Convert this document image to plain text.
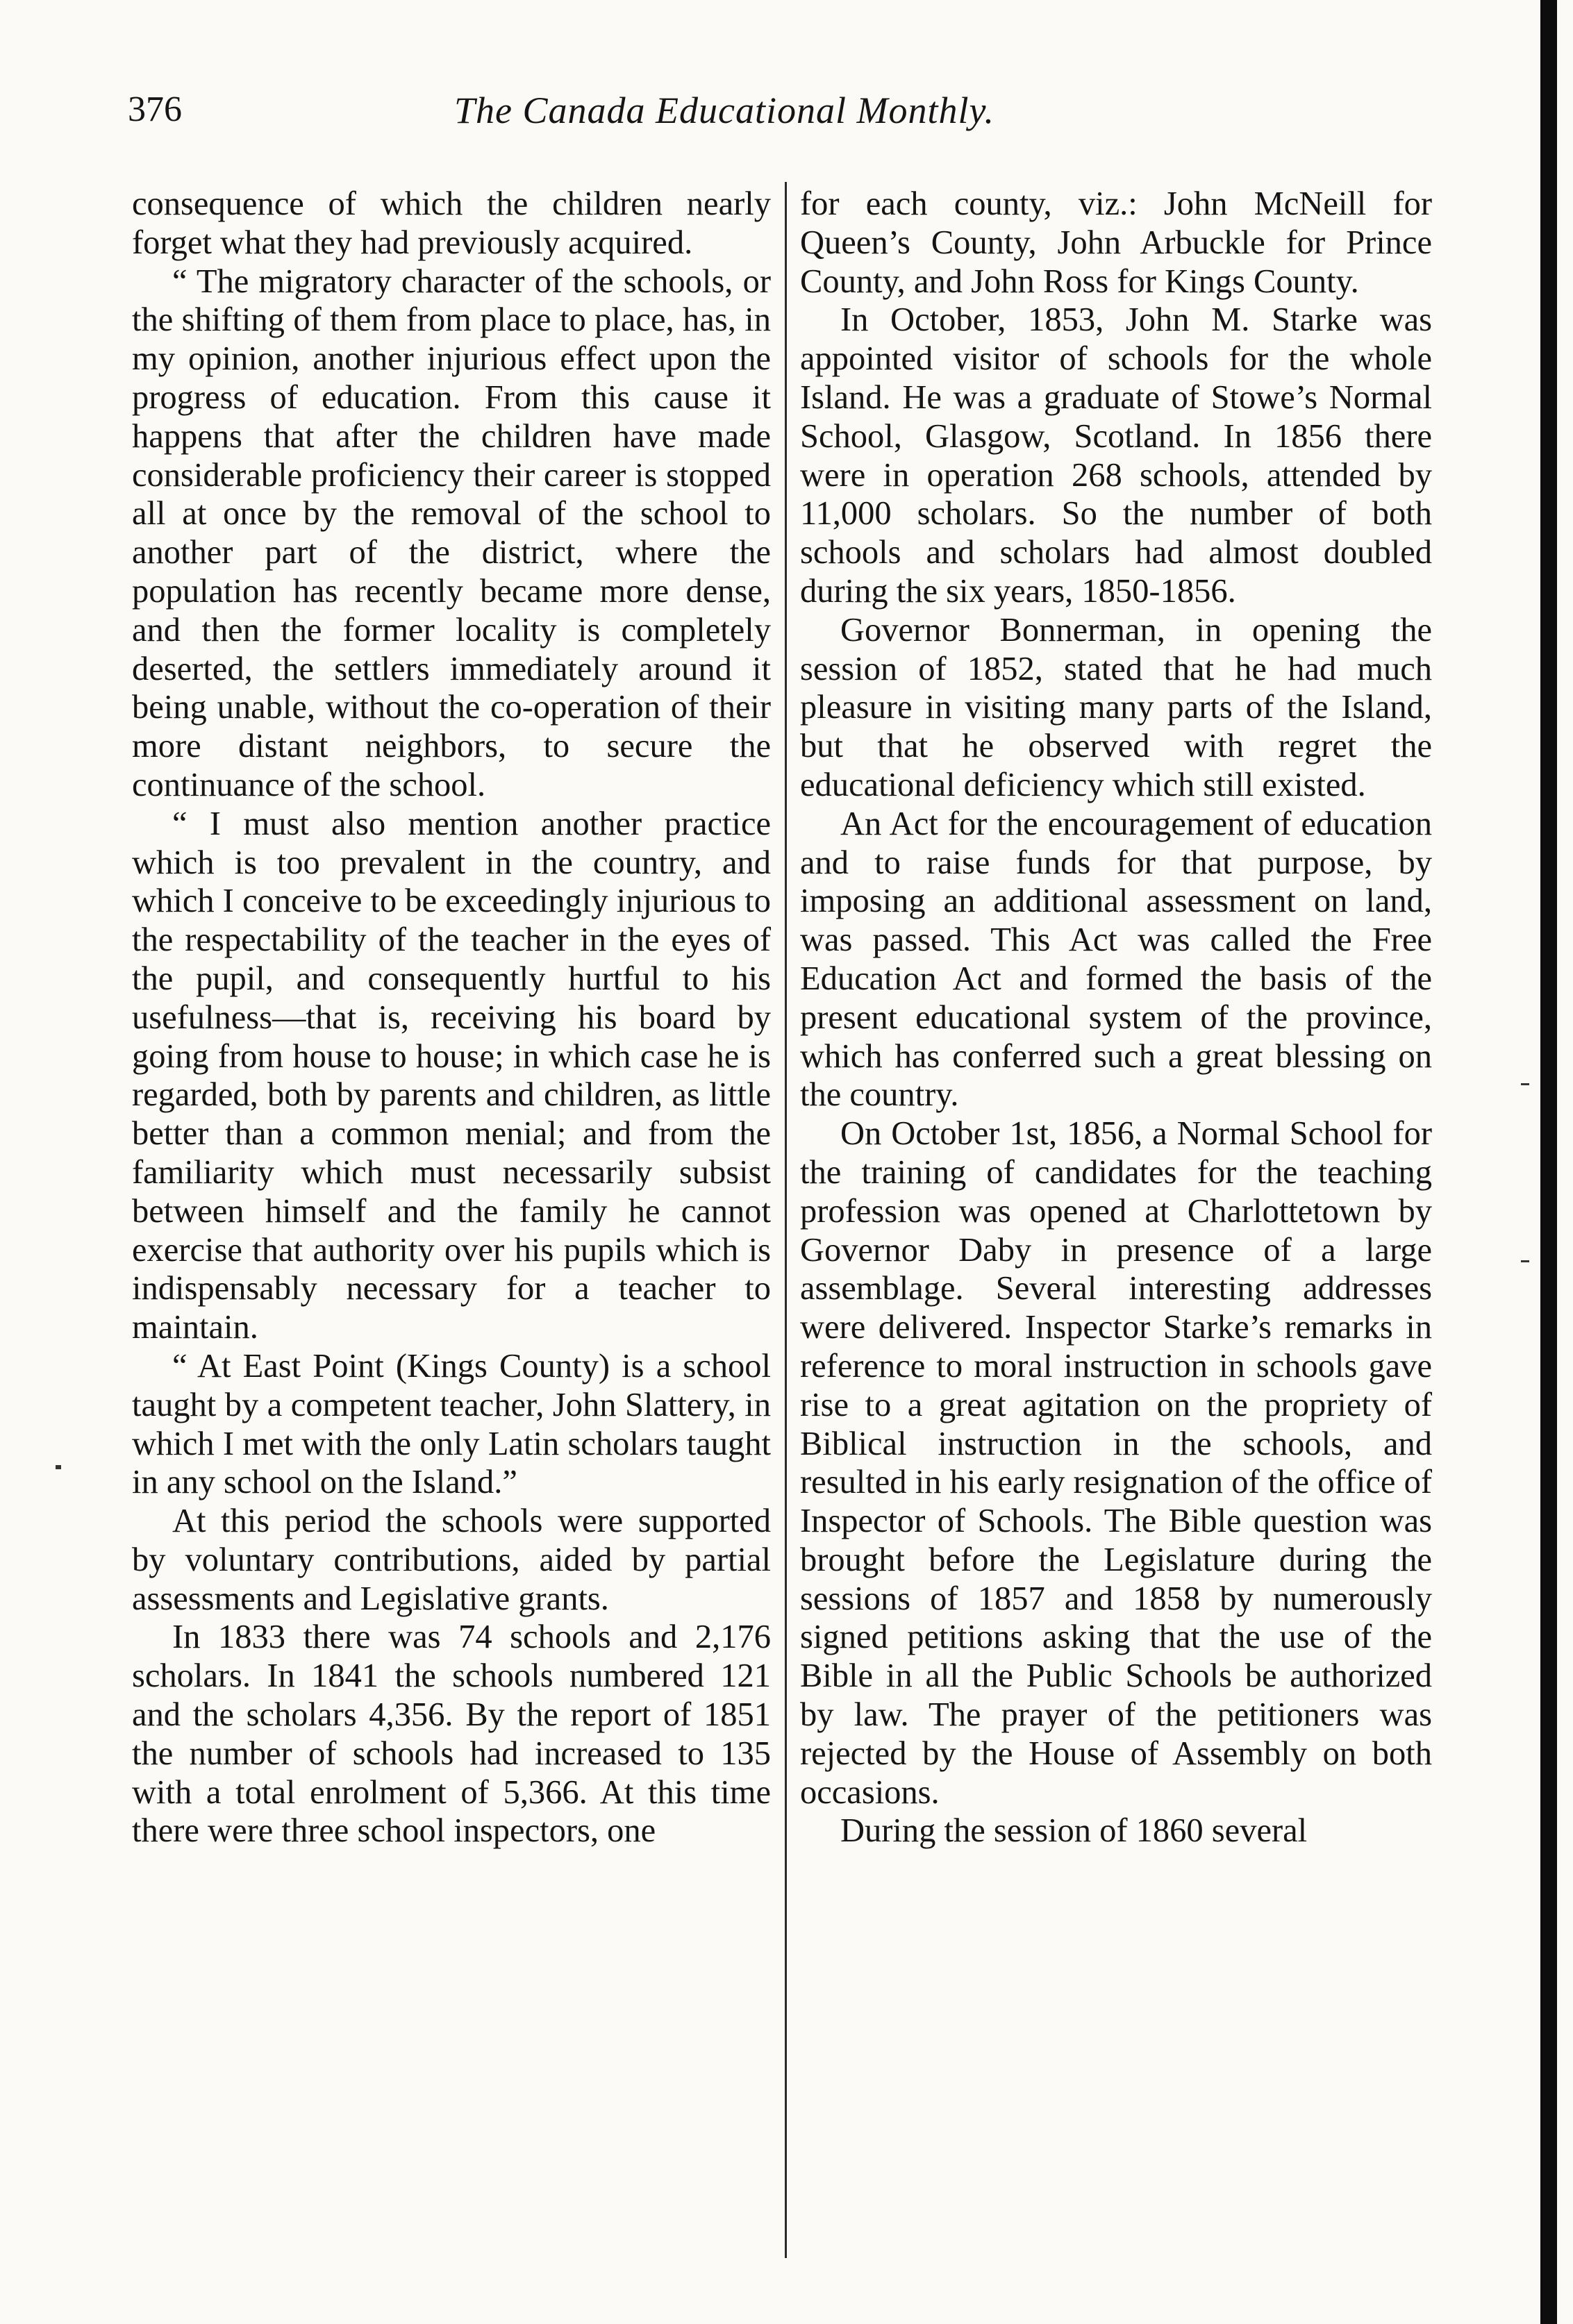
376	The Canada Educational Monthly.

consequence of which the children nearly forget what they had previously acquired.

“ The migratory character of the schools, or the shifting of them from place to place, has, in my opinion, another injurious effect upon the progress of education. From this cause it happens that after the children have made considerable proficiency their career is stopped all at once by the removal of the school to another part of the district, where the population has recently became more dense, and then the former locality is completely deserted, the settlers immediately around it being unable, without the co-operation of their more distant neighbors, to secure the continuance of the school.

“ I must also mention another practice which is too prevalent in the country, and which I conceive to be exceedingly injurious to the respectability of the teacher in the eyes of the pupil, and consequently hurtful to his usefulness—that is, receiving his board by going from house to house; in which case he is regarded, both by parents and children, as little better than a common menial; and from the familiarity which must necessarily subsist between himself and the family he cannot exercise that authority over his pupils which is indispensably necessary for a teacher to maintain.

“ At East Point (Kings County) is a school taught by a competent teacher, John Slattery, in which I met with the only Latin scholars taught in any school on the Island.”

At this period the schools were supported by voluntary contributions, aided by partial assessments and Legislative grants.

In 1833 there was 74 schools and 2,176 scholars. In 1841 the schools numbered 121 and the scholars 4,356. By the report of 1851 the number of schools had increased to 135 with a total enrolment of 5,366. At this time there were three school inspectors, one

for each county, viz.: John McNeill for Queen’s County, John Arbuckle for Prince County, and John Ross for Kings County.

In October, 1853, John M. Starke was appointed visitor of schools for the whole Island. He was a graduate of Stowe’s Normal School, Glasgow, Scotland. In 1856 there were in operation 268 schools, attended by 11,000 scholars. So the number of both schools and scholars had almost doubled during the six years, 1850-1856.

Governor Bonnerman, in opening the session of 1852, stated that he had much pleasure in visiting many parts of the Island, but that he observed with regret the educational deficiency which still existed.

An Act for the encouragement of education and to raise funds for that purpose, by imposing an additional assessment on land, was passed. This Act was called the Free Education Act and formed the basis of the present educational system of the province, which has conferred such a great blessing on the country.

On October 1st, 1856, a Normal School for the training of candidates for the teaching profession was opened at Charlottetown by Governor Daby in presence of a large assemblage. Several interesting addresses were delivered. Inspector Starke’s remarks in reference to moral instruction in schools gave rise to a great agitation on the propriety of Biblical instruction in the schools, and resulted in his early resignation of the office of Inspector of Schools. The Bible question was brought before the Legislature during the sessions of 1857 and 1858 by numerously signed petitions asking that the use of the Bible in all the Public Schools be authorized by law. The prayer of the petitioners was rejected by the House of Assembly on both occasions.

During the session of 1860 several
